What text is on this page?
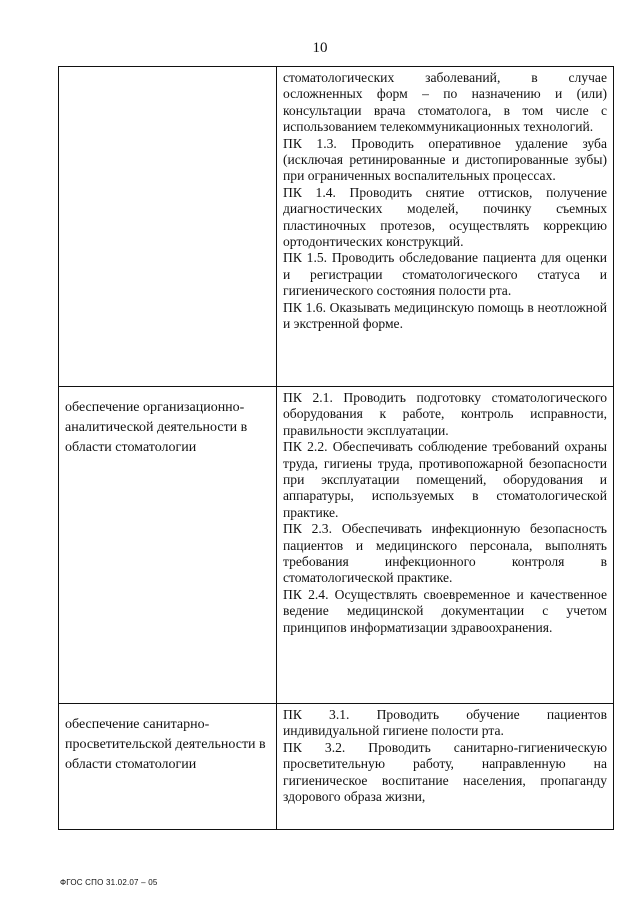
10

	стоматологических заболеваний, в случае осложненных форм – по назначению и (или) консультации врача стоматолога, в том числе с использованием телекоммуникационных технологий.

ПК 1.3. Проводить оперативное удаление зуба (исключая ретинированные и дистопированные зубы) при ограниченных воспалительных процессах.

ПК 1.4. Проводить снятие оттисков, получение диагностических моделей, починку съемных пластиночных протезов, осуществлять коррекцию ортодонтических конструкций.

ПК 1.5. Проводить обследование пациента для оценки и регистрации стоматологического статуса и гигиенического состояния полости рта.

ПК 1.6. Оказывать медицинскую помощь в неотложной и экстренной форме.

обеспечение организационно-аналитической деятельности в области стоматологии	ПК 2.1. Проводить подготовку стоматологического оборудования к работе, контроль исправности, правильности эксплуатации.

ПК 2.2. Обеспечивать соблюдение требований охраны труда, гигиены труда, противопожарной безопасности при эксплуатации помещений, оборудования и аппаратуры, используемых в стоматологической практике.

ПК 2.3. Обеспечивать инфекционную безопасность пациентов и медицинского персонала, выполнять требования инфекционного контроля в стоматологической практике.

ПК 2.4. Осуществлять своевременное и качественное ведение медицинской документации с учетом принципов информатизации здравоохранения.

обеспечение санитарно-просветительской деятельности в области стоматологии	ПК 3.1. Проводить обучение пациентов индивидуальной гигиене полости рта.

ПК 3.2. Проводить санитарно-гигиеническую просветительную работу, направленную на гигиеническое воспитание населения, пропаганду здорового образа жизни,

ФГОС СПО 31.02.07 – 05
